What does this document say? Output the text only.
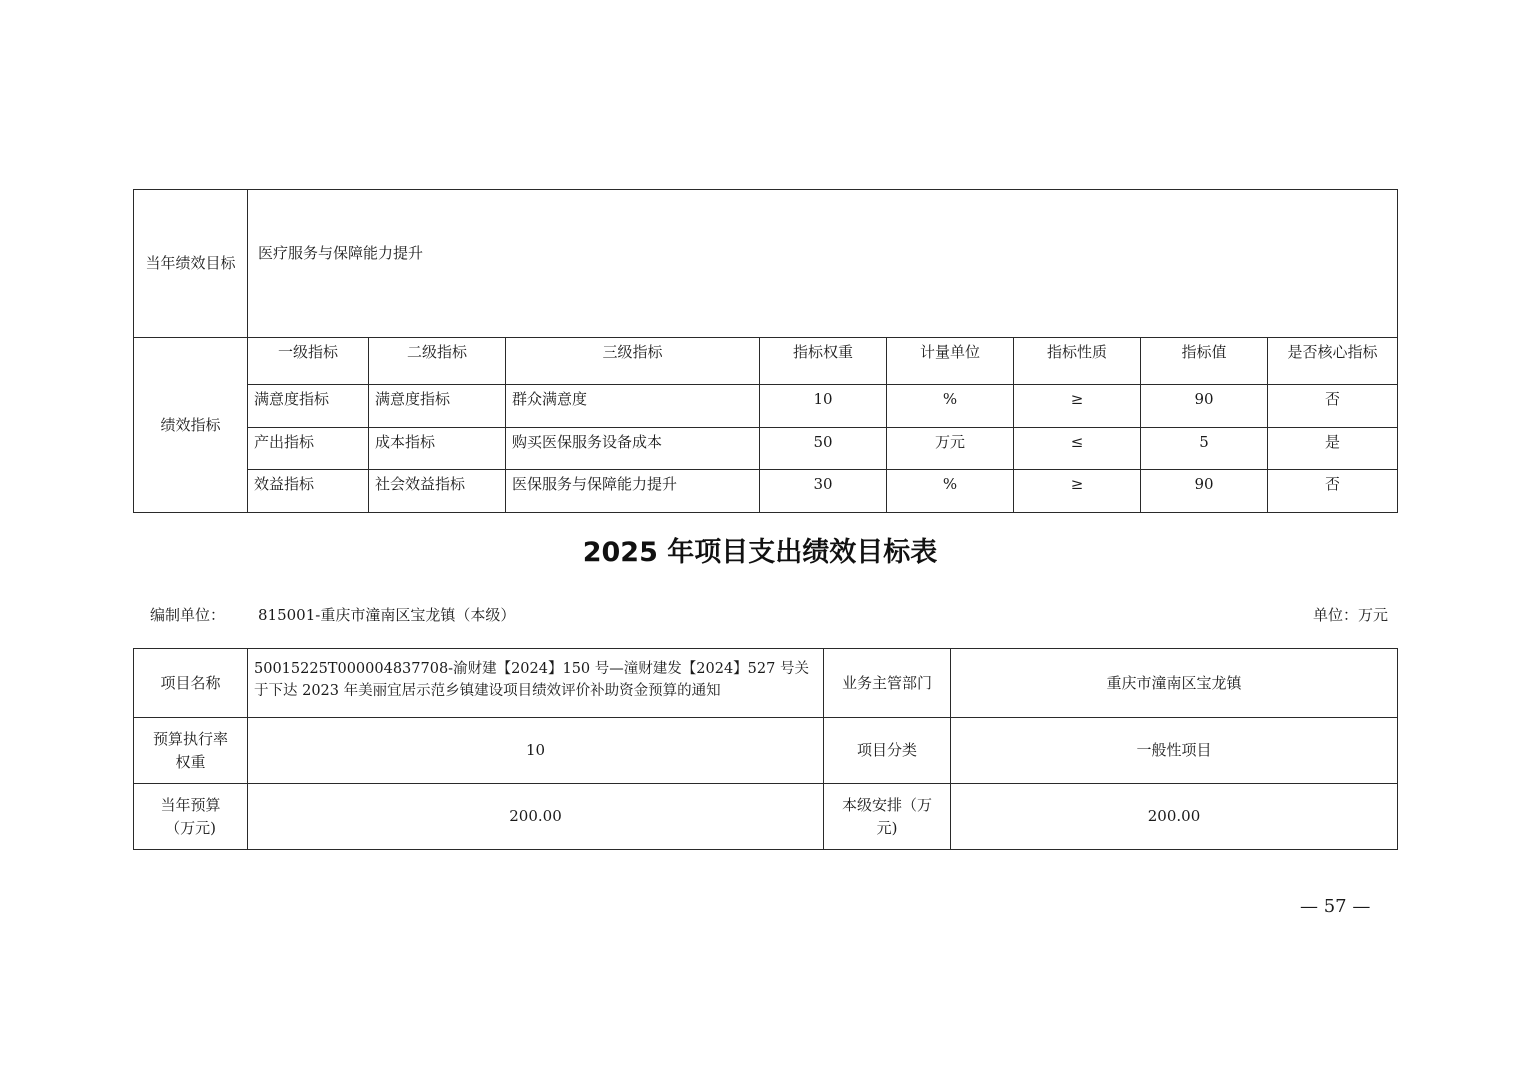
当年绩效目标	医疗服务与保障能力提升							
绩效指标	一级指标	二级指标	三级指标	指标权重	计量单位	指标性质	指标值	是否核心指标
	满意度指标	满意度指标	群众满意度	10	%	≥	90	否
	产出指标	成本指标	购买医保服务设备成本	50	万元	≤	5	是
	效益指标	社会效益指标	医保服务与保障能力提升	30	%	≥	90	否
2025 年项目支出绩效目标表
编制单位： 815001-重庆市潼南区宝龙镇（本级）	单位：万元
项目名称	50015225T000004837708-渝财建【2024】150 号—潼财建发【2024】527 号关于下达 2023 年美丽宜居示范乡镇建设项目绩效评价补助资金预算的通知	业务主管部门	重庆市潼南区宝龙镇
预算执行率权重	10	项目分类	一般性项目
当年预算（万元)	200.00	本级安排（万元)	200.00
— 57 —
